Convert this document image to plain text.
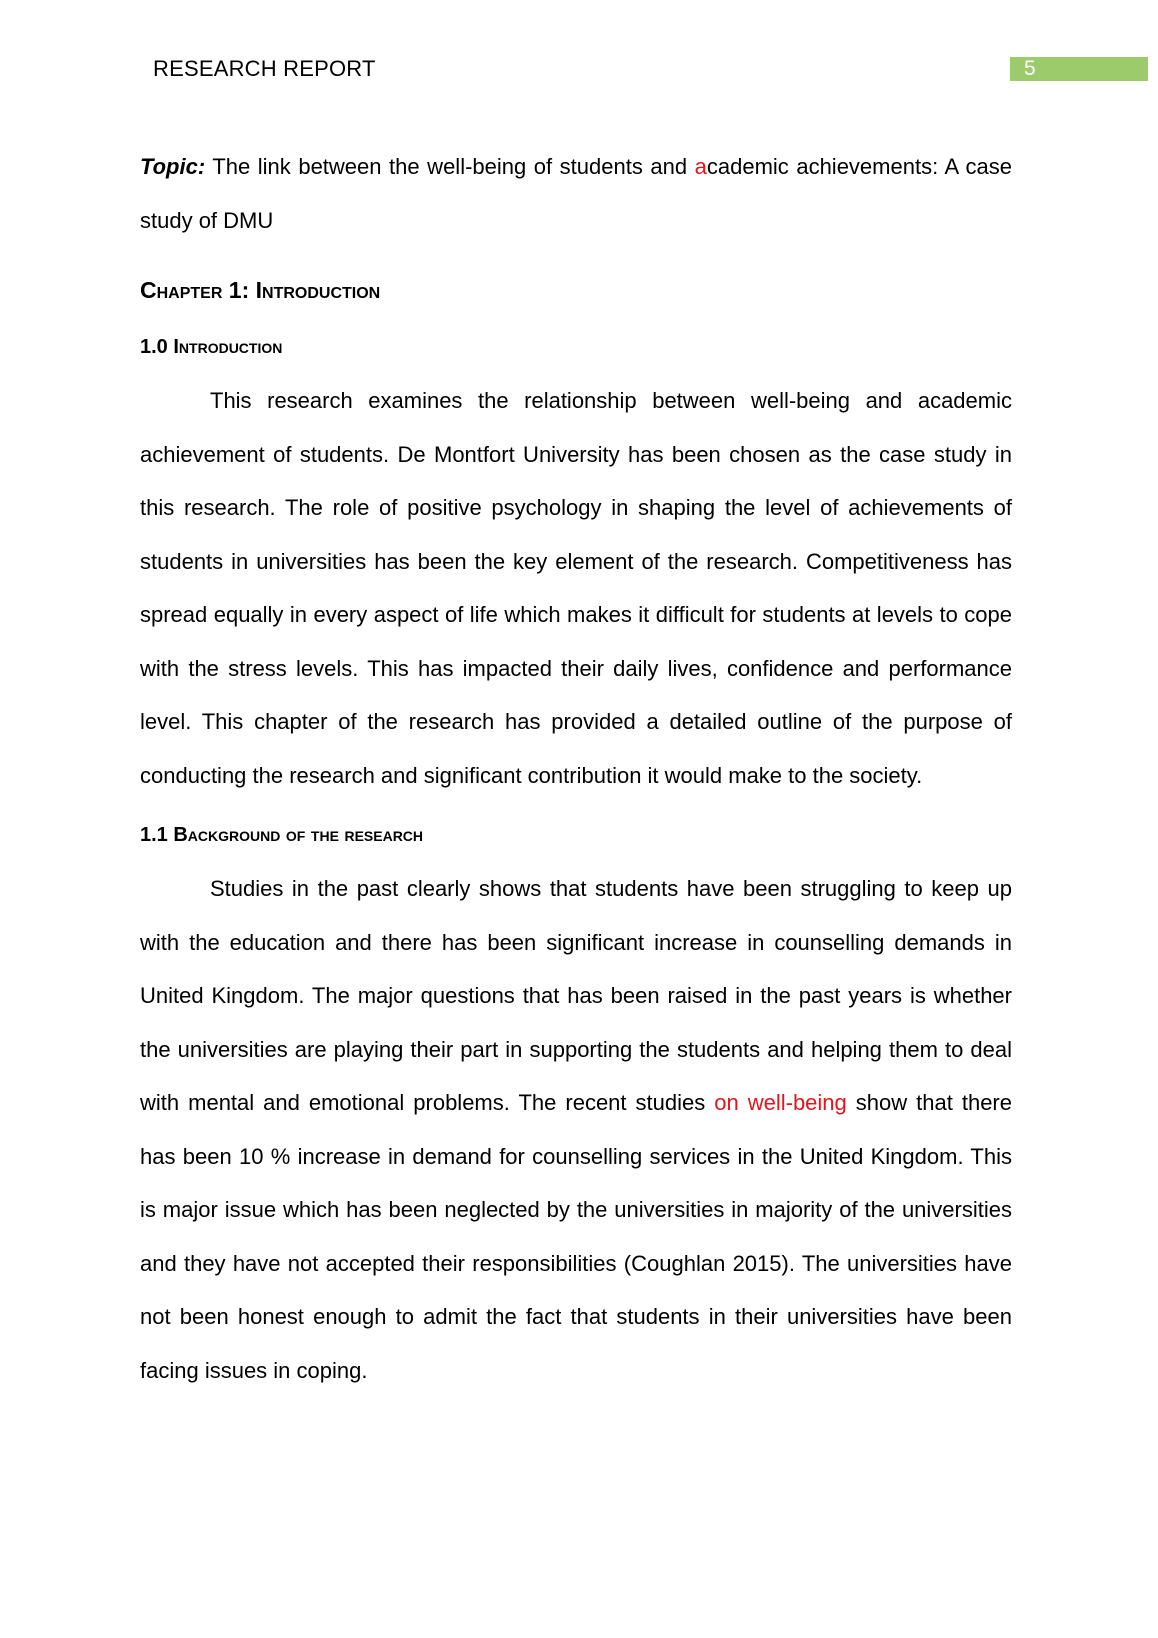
RESEARCH REPORT	5

Topic: The link between the well-being of students and academic achievements: A case study of DMU

Chapter 1: Introduction
1.0 Introduction

This research examines the relationship between well-being and academic achievement of students. De Montfort University has been chosen as the case study in this research. The role of positive psychology in shaping the level of achievements of students in universities has been the key element of the research. Competitiveness has spread equally in every aspect of life which makes it difficult for students at levels to cope with the stress levels. This has impacted their daily lives, confidence and performance level. This chapter of the research has provided a detailed outline of the purpose of conducting the research and significant contribution it would make to the society.

1.1 Background of the research

Studies in the past clearly shows that students have been struggling to keep up with the education and there has been significant increase in counselling demands in United Kingdom. The major questions that has been raised in the past years is whether the universities are playing their part in supporting the students and helping them to deal with mental and emotional problems. The recent studies on well-being show that there has been 10 % increase in demand for counselling services in the United Kingdom. This is major issue which has been neglected by the universities in majority of the universities and they have not accepted their responsibilities (Coughlan 2015). The universities have not been honest enough to admit the fact that students in their universities have been facing issues in coping.
